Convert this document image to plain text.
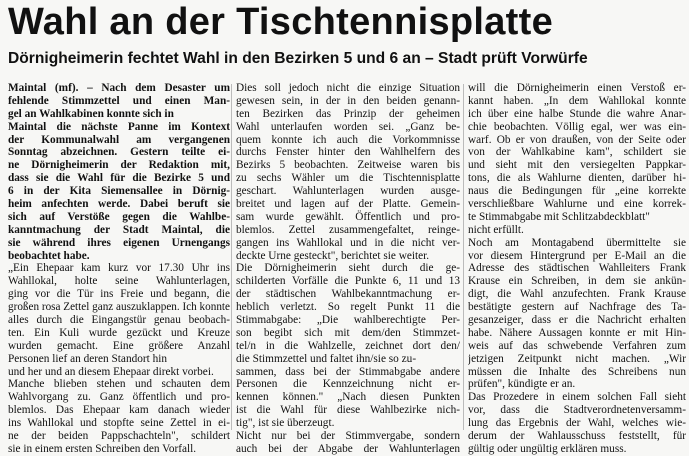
Wahl an der Tischtennisplatte
Dörnigheimerin fechtet Wahl in den Bezirken 5 und 6 an – Stadt prüft Vorwürfe
Maintal (mf). – Nach dem Desaster um
fehlende Stimmzettel und einen Man-
gel an Wahlkabinen konnte sich in
Maintal die nächste Panne im Kontext
der Kommunalwahl am vergangenen
Sonntag abzeichnen. Gestern teilte ei-
ne Dörnigheimerin der Redaktion mit,
dass sie die Wahl für die Bezirke 5 und
6 in der Kita Siemensallee in Dörnig-
heim anfechten werde. Dabei beruft sie
sich auf Verstöße gegen die Wahlbe-
kanntmachung der Stadt Maintal, die
sie während ihres eigenen Urnengangs
beobachtet habe.
„Ein Ehepaar kam kurz vor 17.30 Uhr ins
Wahllokal, holte seine Wahlunterlagen,
ging vor die Tür ins Freie und begann, die
großen rosa Zettel ganz auszuklappen. Ich konnte
alles durch die Eingangstür genau beobach-
ten. Ein Kuli wurde gezückt und Kreuze
wurden gemacht. Eine größere Anzahl
Personen lief an deren Standort hin
und her und an diesem Ehepaar direkt vorbei.
Manche blieben stehen und schauten dem
Wahlvorgang zu. Ganz öffentlich und pro-
blemlos. Das Ehepaar kam danach wieder
ins Wahllokal und stopfte seine Zettel in ei-
ne der beiden Pappschachteln", schildert
sie in einem ersten Schreiben den Vorfall.
Dies soll jedoch nicht die einzige Situation
gewesen sein, in der in den beiden genann-
ten Bezirken das Prinzip der geheimen
Wahl unterlaufen worden sei. „Ganz be-
quem konnte ich auch die Vorkommnisse
durchs Fenster hinter den Wahlhelfern des
Bezirks 5 beobachten. Zeitweise waren bis
zu sechs Wähler um die Tischtennisplatte
geschart. Wahlunterlagen wurden ausge-
breitet und lagen auf der Platte. Gemein-
sam wurde gewählt. Öffentlich und pro-
blemlos. Zettel zusammengefaltet, reinge-
gangen ins Wahllokal und in die nicht ver-
deckte Urne gesteckt", berichtet sie weiter.
Die Dörnigheimerin sieht durch die ge-
schilderten Vorfälle die Punkte 6, 11 und 13
der städtischen Wahlbekanntmachung er-
heblich verletzt. So regelt Punkt 11 die
Stimmabgabe: „Die wahlberechtigte Per-
son begibt sich mit dem/den Stimmzet-
tel/n in die Wahlzelle, zeichnet dort den/
die Stimmzettel und faltet ihn/sie so zu-
sammen, dass bei der Stimmabgabe andere
Personen die Kennzeichnung nicht er-
kennen können." „Nach diesen Punkten
ist die Wahl für diese Wahlbezirke nich-
tig", ist sie überzeugt.
Nicht nur bei der Stimmvergabe, sondern
auch bei der Abgabe der Wahlunterlagen
will die Dörnigheimerin einen Verstoß er-
kannt haben. „In dem Wahllokal konnte
ich über eine halbe Stunde die wahre Anar-
chie beobachten. Völlig egal, wer was ein-
warf. Ob er von draußen, von der Seite oder
von der Wahlkabine kam", schildert sie
und sieht mit den versiegelten Pappkar-
tons, die als Wahlurne dienten, darüber hi-
naus die Bedingungen für „eine korrekte
verschließbare Wahlurne und eine korrek-
te Stimmabgabe mit Schlitzabdeckblatt"
nicht erfüllt.
Noch am Montagabend übermittelte sie
vor diesem Hintergrund per E-Mail an die
Adresse des städtischen Wahlleiters Frank
Krause ein Schreiben, in dem sie ankün-
digt, die Wahl anzufechten. Frank Krause
bestätigte gestern auf Nachfrage des Ta-
gesanzeiger, dass er die Nachricht erhalten
habe. Nähere Aussagen konnte er mit Hin-
weis auf das schwebende Verfahren zum
jetzigen Zeitpunkt nicht machen. „Wir
müssen die Inhalte des Schreibens nun
prüfen", kündigte er an.
Das Prozedere in einem solchen Fall sieht
vor, dass die Stadtverordnetenversamm-
lung das Ergebnis der Wahl, welches wie-
derum der Wahlausschuss feststellt, für
gültig oder ungültig erklären muss.
